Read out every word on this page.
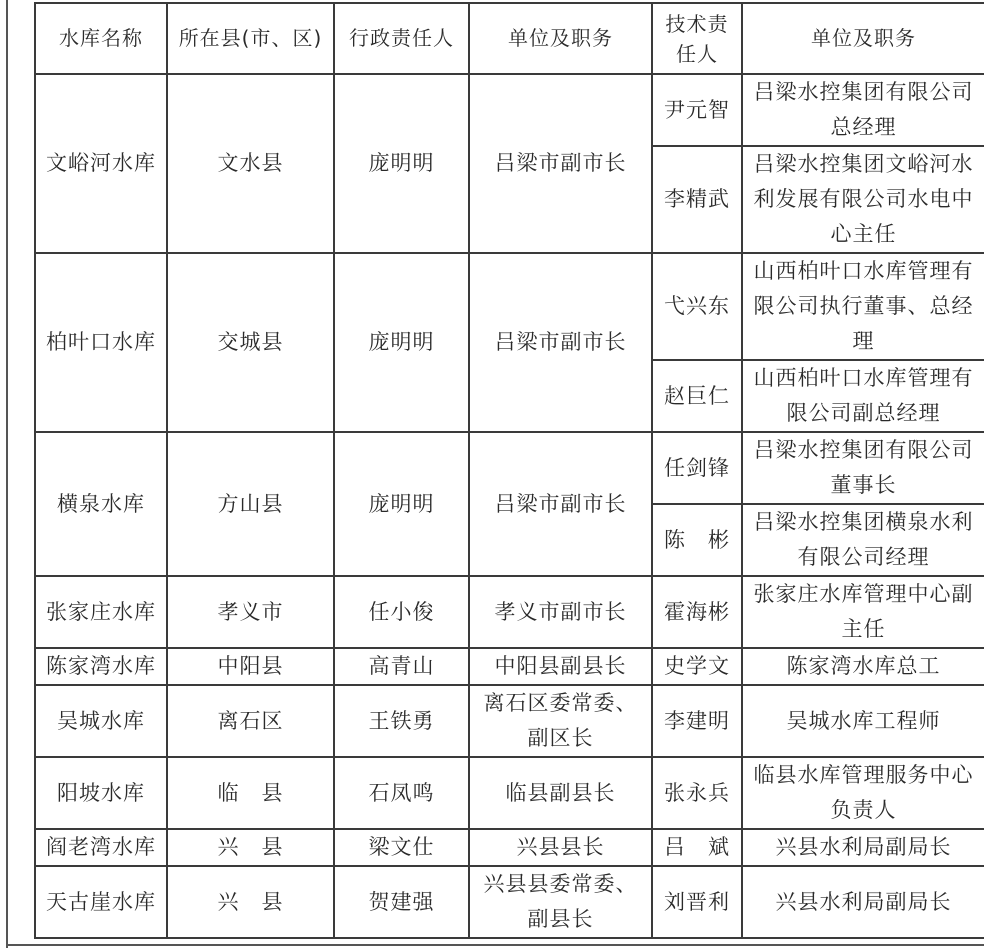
水库名称	所在县(市、区)	行政责任人	单位及职务	技术责
任人	单位及职务
文峪河水库	文水县	庞明明	吕梁市副市长	尹元智	吕梁水控集团有限公司总经理
				李精武	吕梁水控集团文峪河水利发展有限公司水电中心主任
柏叶口水库	交城县	庞明明	吕梁市副市长	弋兴东	山西柏叶口水库管理有限公司执行董事、总经理
				赵巨仁	山西柏叶口水库管理有限公司副总经理
横泉水库	方山县	庞明明	吕梁市副市长	任剑锋	吕梁水控集团有限公司董事长
				陈　彬	吕梁水控集团横泉水利有限公司经理
张家庄水库	孝义市	任小俊	孝义市副市长	霍海彬	张家庄水库管理中心副主任
陈家湾水库	中阳县	高青山	中阳县副县长	史学文	陈家湾水库总工
吴城水库	离石区	王铁勇	离石区委常委、副区长	李建明	吴城水库工程师
阳坡水库	临　县	石凤鸣	临县副县长	张永兵	临县水库管理服务中心负责人
阎老湾水库	兴　县	梁文仕	兴县县长	吕　斌	兴县水利局副局长
天古崖水库	兴　县	贺建强	兴县县委常委、副县长	刘晋利	兴县水利局副局长
